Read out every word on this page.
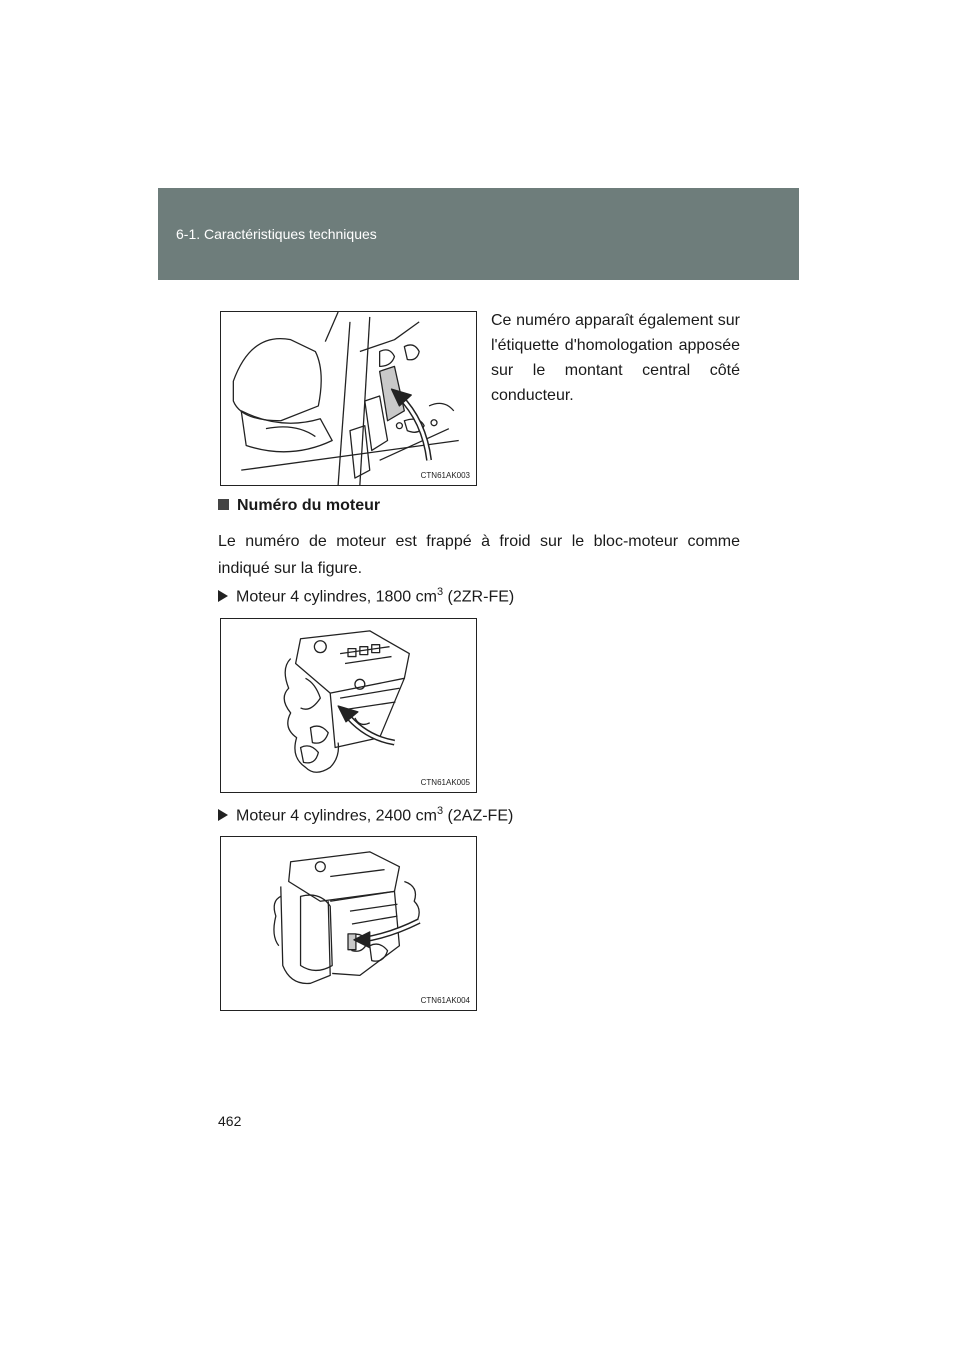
6-1. Caractéristiques techniques
CTN61AK003
Ce numéro apparaît également sur l'étiquette d'homologation apposée sur le montant central côté conducteur.
Numéro du moteur
Le numéro de moteur est frappé à froid sur le bloc-moteur comme indiqué sur la figure.
Moteur 4 cylindres, 1800 $cm^3$ (2ZR-FE)
CTN61AK005
Moteur 4 cylindres, 2400 $cm^3$ (2AZ-FE)
CTN61AK004
462
